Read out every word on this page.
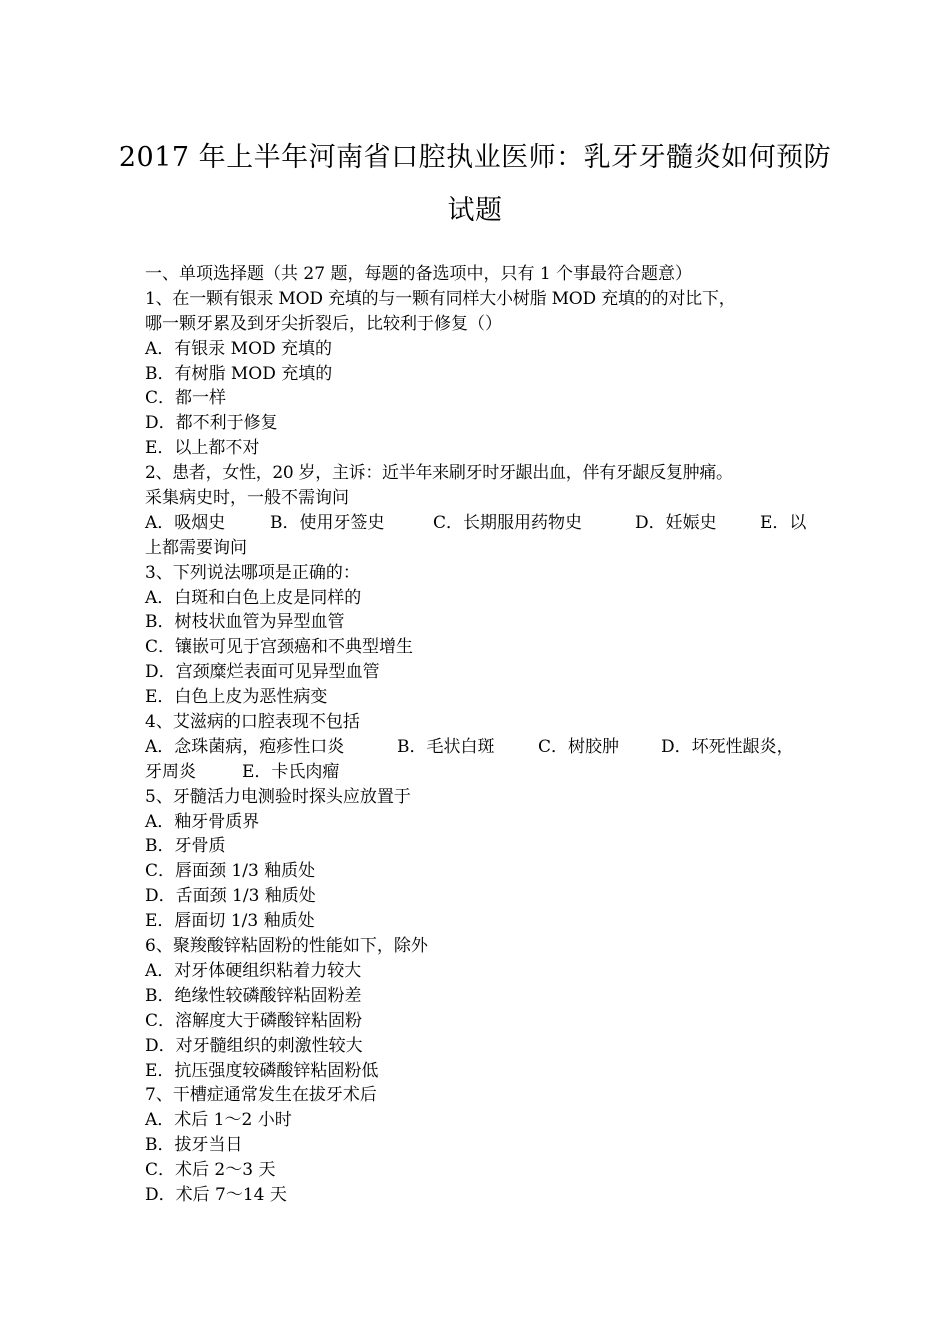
2017 年上半年河南省口腔执业医师：乳牙牙髓炎如何预防
试题
一、单项选择题（共 27 题，每题的备选项中，只有 1 个事最符合题意）
1、在一颗有银汞 MOD 充填的与一颗有同样大小树脂 MOD 充填的的对比下，
哪一颗牙累及到牙尖折裂后，比较利于修复（）
A．有银汞 MOD 充填的
B．有树脂 MOD 充填的
C．都一样
D．都不利于修复
E．以上都不对
2、患者，女性，20 岁，主诉：近半年来刷牙时牙龈出血，伴有牙龈反复肿痛。
采集病史时，一般不需询问
A．吸烟史	B．使用牙签史	C．长期服用药物史	D．妊娠史	E．以
上都需要询问
3、下列说法哪项是正确的：
A．白斑和白色上皮是同样的
B．树枝状血管为异型血管
C．镶嵌可见于宫颈癌和不典型增生
D．宫颈糜烂表面可见异型血管
E．白色上皮为恶性病变
4、艾滋病的口腔表现不包括
A．念珠菌病，疱疹性口炎	B．毛状白斑	C．树胶肿	D．坏死性龈炎，
牙周炎	E．卡氏肉瘤
5、牙髓活力电测验时探头应放置于
A．釉牙骨质界
B．牙骨质
C．唇面颈 1/3 釉质处
D．舌面颈 1/3 釉质处
E．唇面切 1/3 釉质处
6、聚羧酸锌粘固粉的性能如下，除外
A．对牙体硬组织粘着力较大
B．绝缘性较磷酸锌粘固粉差
C．溶解度大于磷酸锌粘固粉
D．对牙髓组织的刺激性较大
E．抗压强度较磷酸锌粘固粉低
7、干槽症通常发生在拔牙术后
A．术后 1～2 小时
B．拔牙当日
C．术后 2～3 天
D．术后 7～14 天
